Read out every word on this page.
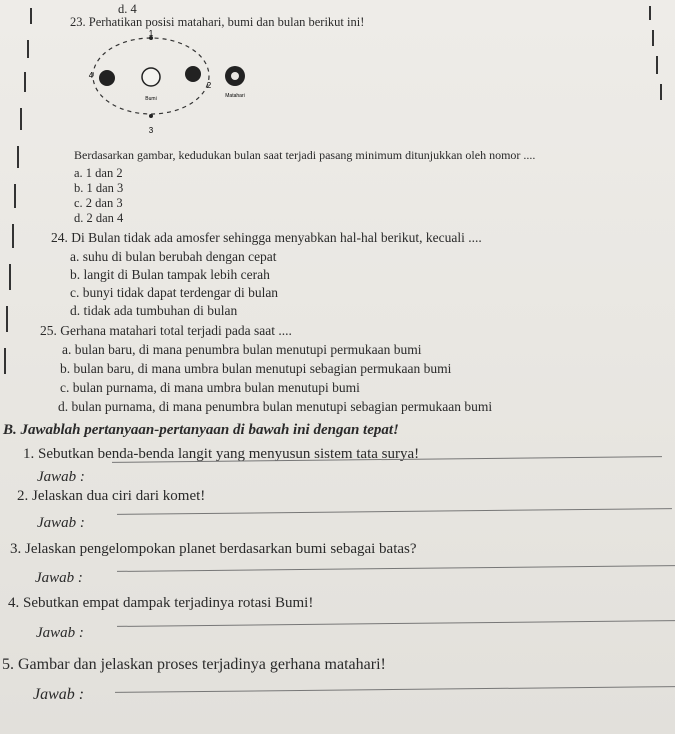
d. 4
23. Perhatikan posisi matahari, bumi dan bulan berikut ini!
1
4
2
3
Bumi	Matahari
Berdasarkan gambar, kedudukan bulan saat terjadi pasang minimum ditunjukkan oleh nomor ....
a. 1 dan 2
b. 1 dan 3
c. 2 dan 3
d. 2 dan 4
24. Di Bulan tidak ada amosfer sehingga menyabkan hal-hal berikut, kecuali ....
a. suhu di bulan berubah dengan cepat
b. langit di Bulan tampak lebih cerah
c. bunyi tidak dapat terdengar di bulan
d. tidak ada tumbuhan di bulan
25. Gerhana matahari total terjadi pada saat ....
a. bulan baru, di mana penumbra bulan menutupi permukaan bumi
b. bulan baru, di mana umbra bulan menutupi sebagian permukaan bumi
c. bulan purnama, di mana umbra bulan menutupi bumi
d. bulan purnama, di mana penumbra bulan menutupi sebagian permukaan bumi
B. Jawablah pertanyaan-pertanyaan di bawah ini dengan tepat!
1. Sebutkan benda-benda langit yang menyusun sistem tata surya!
Jawab :
2. Jelaskan dua ciri dari komet!
Jawab :
3. Jelaskan pengelompokan planet berdasarkan bumi sebagai batas?
Jawab :
4. Sebutkan empat dampak terjadinya rotasi Bumi!
Jawab :
5. Gambar dan jelaskan proses terjadinya gerhana matahari!
Jawab :
